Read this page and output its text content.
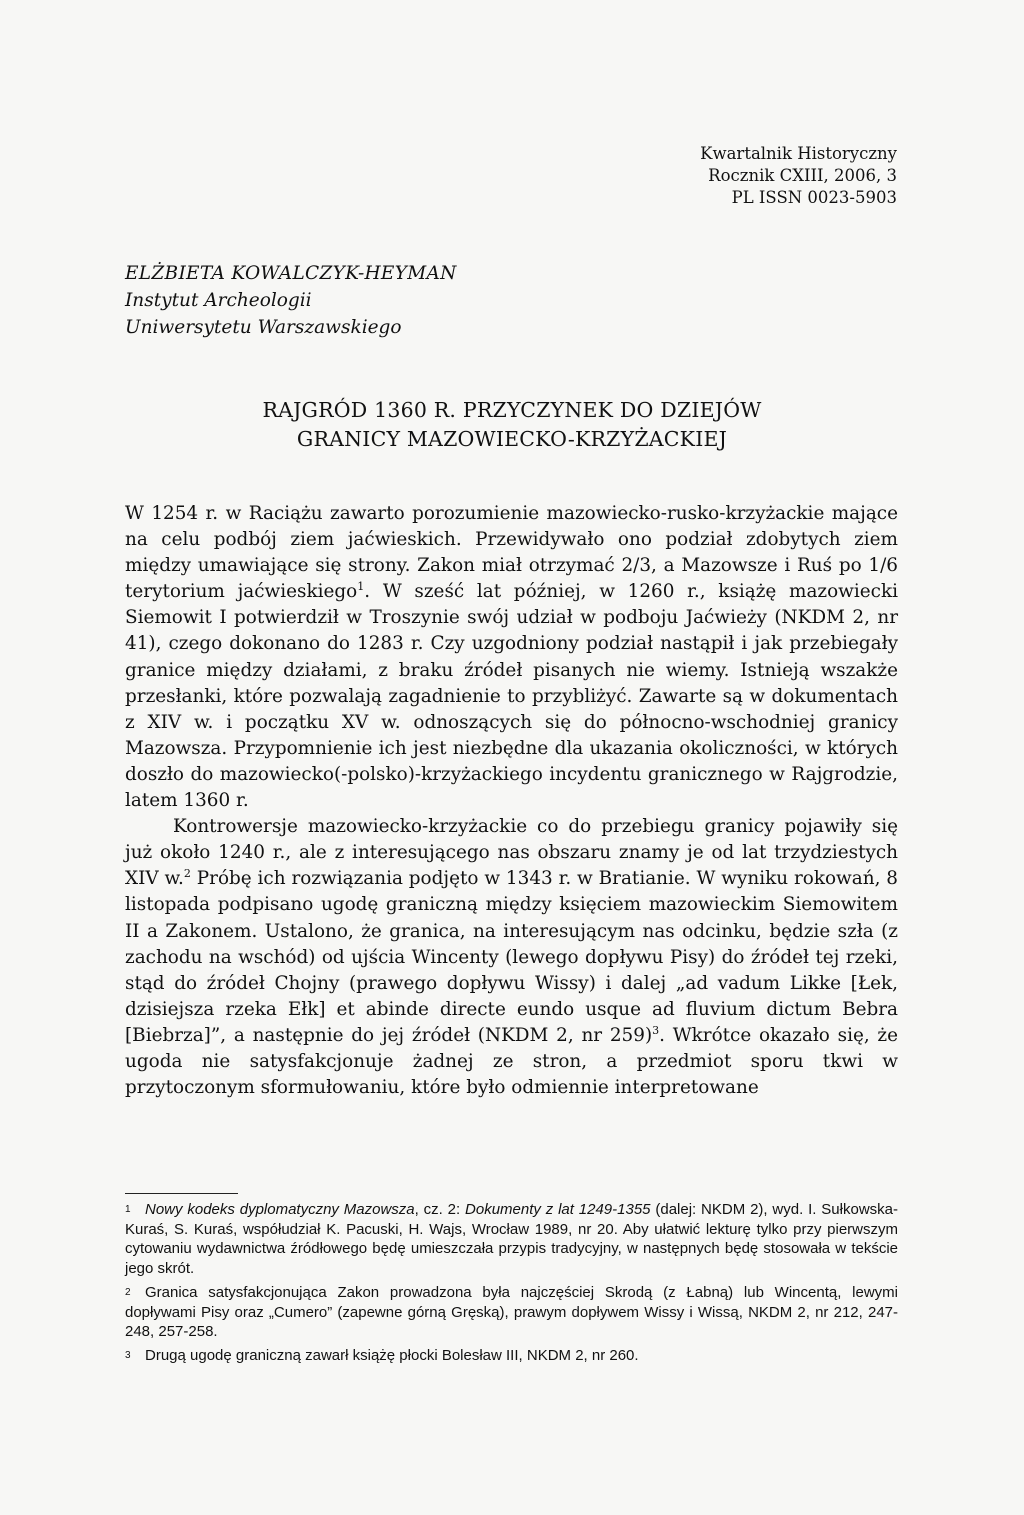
Kwartalnik Historyczny
Rocznik CXIII, 2006, 3
PL ISSN 0023-5903
ELŻBIETA KOWALCZYK-HEYMAN
Instytut Archeologii
Uniwersytetu Warszawskiego
RAJGRÓD 1360 R. PRZYCZYNEK DO DZIEJÓW
GRANICY MAZOWIECKO-KRZYŻACKIEJ

W 1254 r. w Raciążu zawarto porozumienie mazowiecko-rusko-krzyżackie mające na celu podbój ziem jaćwieskich. Przewidywało ono podział zdobytych ziem między umawiające się strony. Zakon miał otrzymać 2/3, a Mazowsze i Ruś po 1/6 terytorium jaćwieskiego$^1$. W sześć lat później, w 1260 r., książę mazowiecki Siemowit I potwierdził w Troszynie swój udział w podboju Jaćwieży (NKDM 2, nr 41), czego dokonano do 1283 r. Czy uzgodniony podział nastąpił i jak przebiegały granice między działami, z braku źródeł pisanych nie wiemy. Istnieją wszakże przesłanki, które pozwalają zagadnienie to przybliżyć. Zawarte są w dokumentach z XIV w. i początku XV w. odnoszących się do północno-wschodniej granicy Mazowsza. Przypomnienie ich jest niezbędne dla ukazania okoliczności, w których doszło do mazowiecko(-polsko)-krzyżackiego incydentu granicznego w Rajgrodzie, latem 1360 r.

Kontrowersje mazowiecko-krzyżackie co do przebiegu granicy pojawiły się już około 1240 r., ale z interesującego nas obszaru znamy je od lat trzydziestych XIV w.$^2$ Próbę ich rozwiązania podjęto w 1343 r. w Bratianie. W wyniku rokowań, 8 listopada podpisano ugodę graniczną między księciem mazowieckim Siemowitem II a Zakonem. Ustalono, że granica, na interesującym nas odcinku, będzie szła (z zachodu na wschód) od ujścia Wincenty (lewego dopływu Pisy) do źródeł tej rzeki, stąd do źródeł Chojny (prawego dopływu Wissy) i dalej „ad vadum Likke [Łek, dzisiejsza rzeka Ełk] et abinde directe eundo usque ad fluvium dictum Bebra [Biebrza]”, a następnie do jej źródeł (NKDM 2, nr 259)$^3$. Wkrótce okazało się, że ugoda nie satysfakcjonuje żadnej ze stron, a przedmiot sporu tkwi w przytoczonym sformułowaniu, które było odmiennie interpretowane

1 Nowy kodeks dyplomatyczny Mazowsza, cz. 2: Dokumenty z lat 1249-1355 (dalej: NKDM 2), wyd. I. Sułkowska-Kuraś, S. Kuraś, współudział K. Pacuski, H. Wajs, Wrocław 1989, nr 20. Aby ułatwić lekturę tylko przy pierwszym cytowaniu wydawnictwa źródłowego będę umieszczała przypis tradycyjny, w następnych będę stosowała w tekście jego skrót.

2 Granica satysfakcjonująca Zakon prowadzona była najczęściej Skrodą (z Łabną) lub Wincentą, lewymi dopływami Pisy oraz „Cumero” (zapewne górną Gręską), prawym dopływem Wissy i Wissą, NKDM 2, nr 212, 247-248, 257-258.

3 Drugą ugodę graniczną zawarł książę płocki Bolesław III, NKDM 2, nr 260.
